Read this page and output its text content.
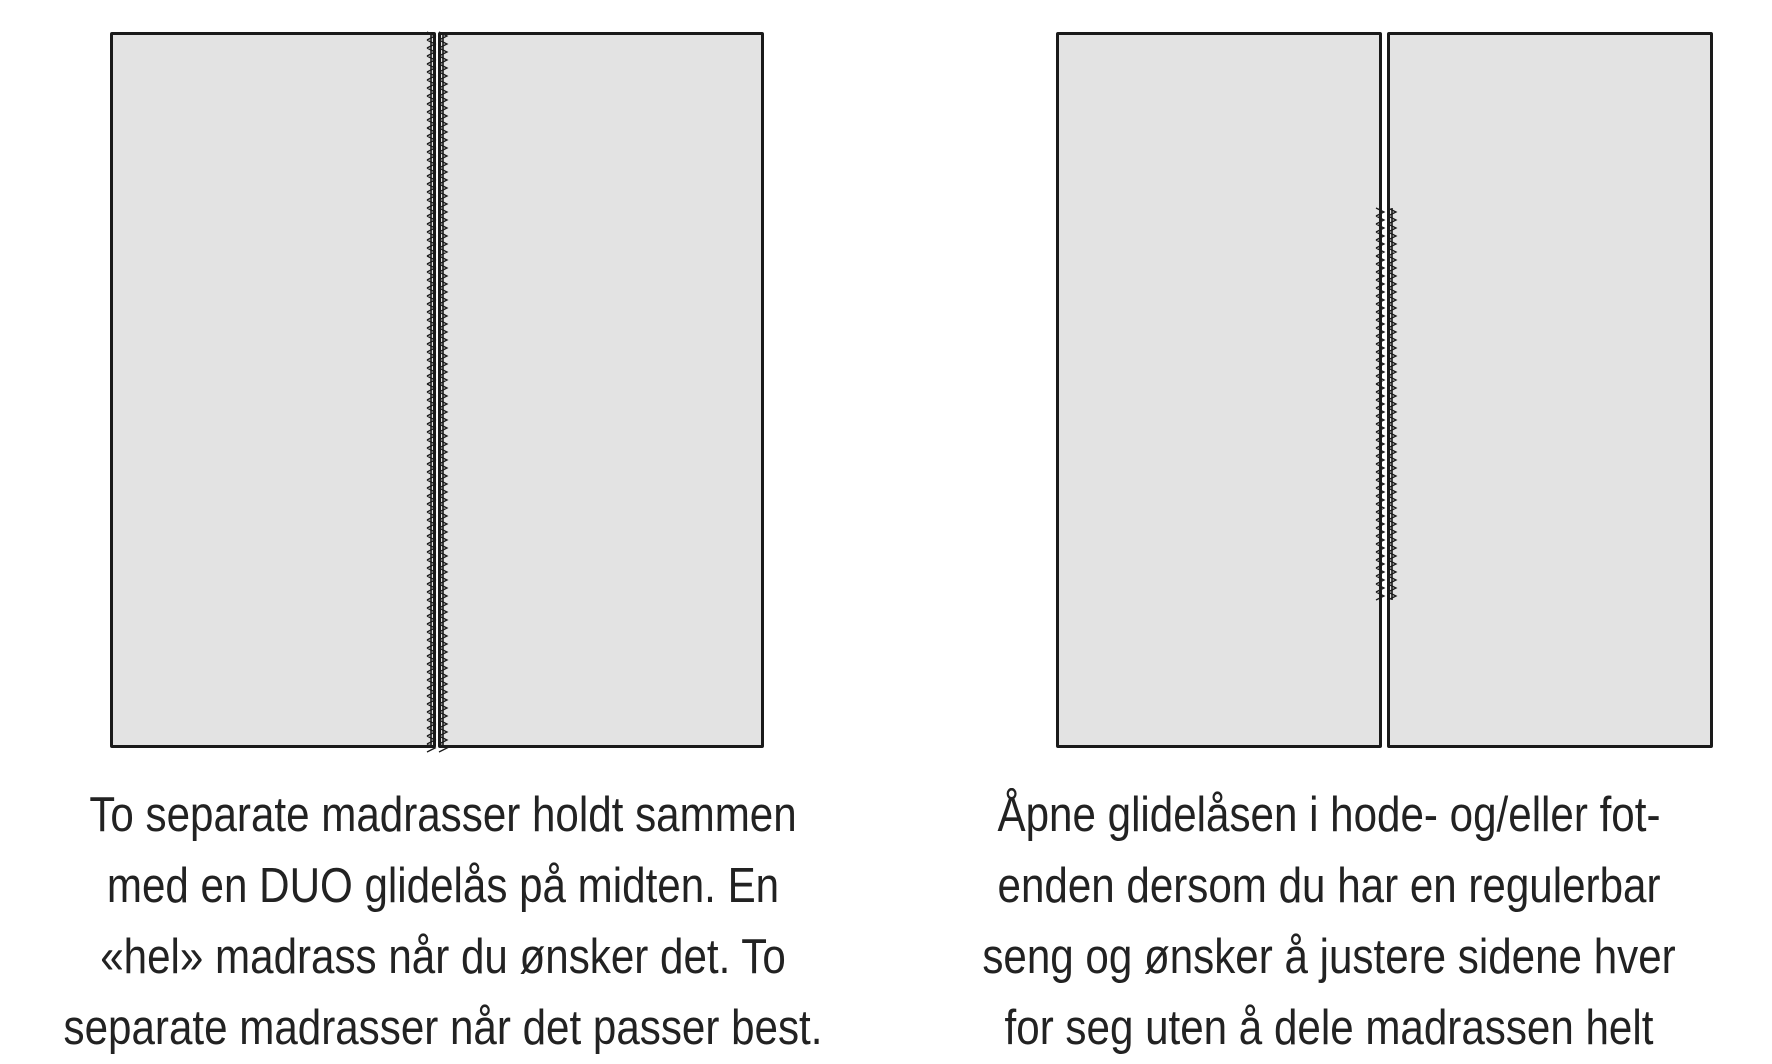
To separate madrasser holdt sammen
med en DUO glidelås på midten. En
«hel» madrass når du ønsker det. To
separate madrasser når det passer best.
Åpne glidelåsen i hode- og/eller fot-
enden dersom du har en regulerbar
seng og ønsker å justere sidene hver
for seg uten å dele madrassen helt
